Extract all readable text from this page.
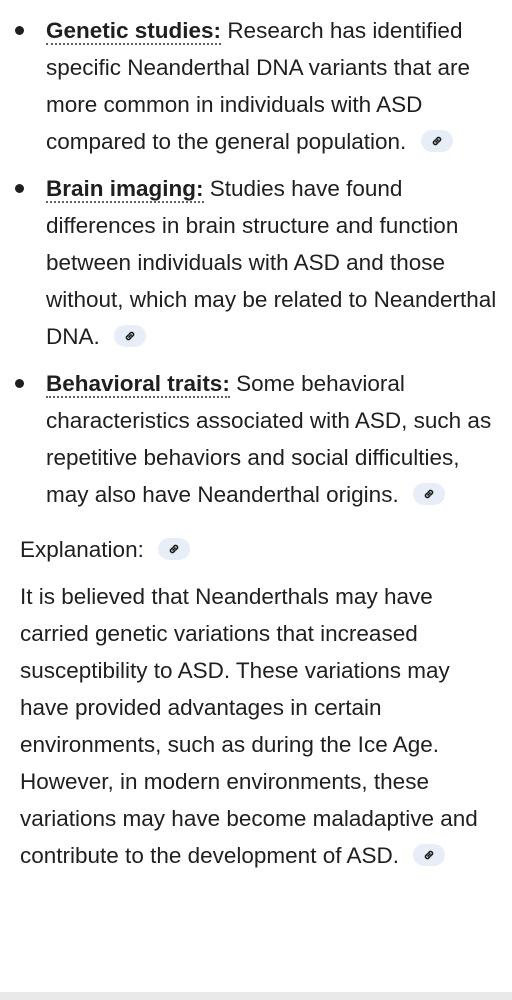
Genetic studies: Research has identified specific Neanderthal DNA variants that are more common in individuals with ASD compared to the general population.
Brain imaging: Studies have found differences in brain structure and function between individuals with ASD and those without, which may be related to Neanderthal DNA.
Behavioral traits: Some behavioral characteristics associated with ASD, such as repetitive behaviors and social difficulties, may also have Neanderthal origins.
Explanation:

It is believed that Neanderthals may have carried genetic variations that increased susceptibility to ASD. These variations may have provided advantages in certain environments, such as during the Ice Age. However, in modern environments, these variations may have become maladaptive and contribute to the development of ASD.
